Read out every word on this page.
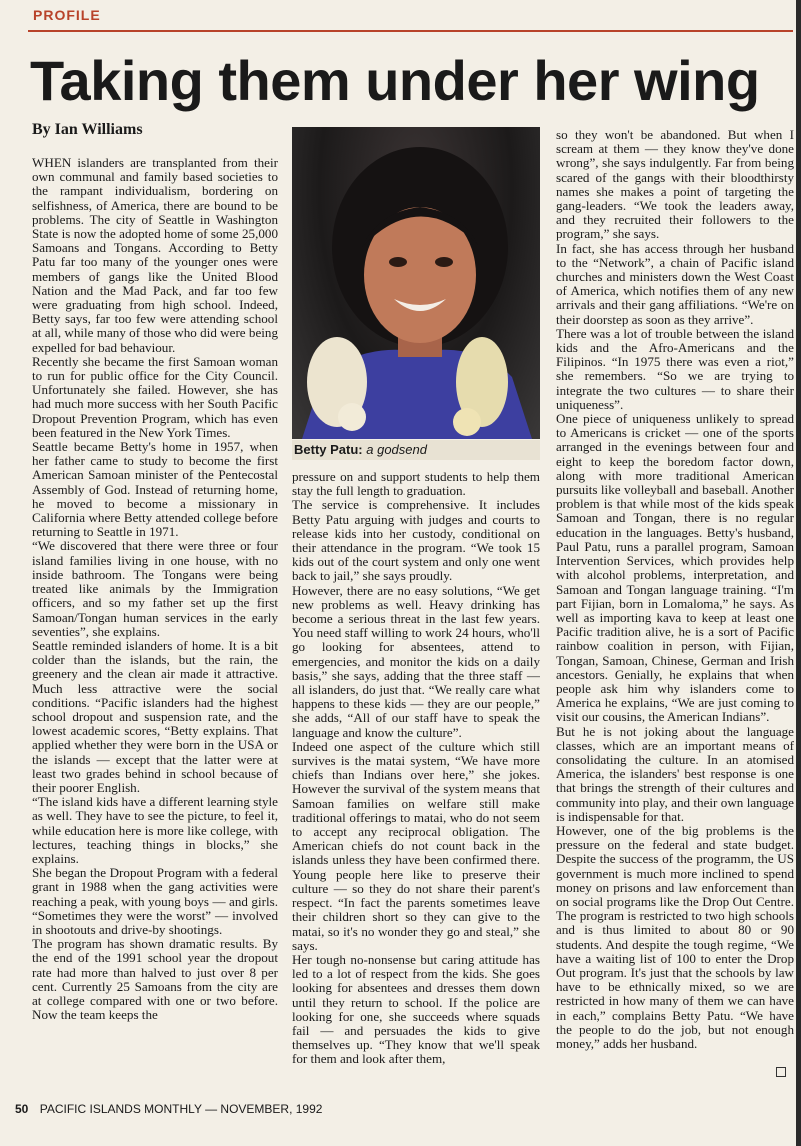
PROFILE
Taking them under her wing
By Ian Williams

WHEN islanders are transplanted from their own communal and family based societies to the rampant individualism, bordering on selfishness, of America, there are bound to be problems. The city of Seattle in Washington State is now the adopted home of some 25,000 Samoans and Tongans. According to Betty Patu far too many of the younger ones were members of gangs like the United Blood Nation and the Mad Pack, and far too few were graduating from high school. Indeed, Betty says, far too few were attending school at all, while many of those who did were being expelled for bad behaviour.

Recently she became the first Samoan woman to run for public office for the City Council. Unfortunately she failed. However, she has had much more success with her South Pacific Dropout Prevention Program, which has even been featured in the New York Times.

Seattle became Betty's home in 1957, when her father came to study to become the first American Samoan minister of the Pentecostal Assembly of God. Instead of returning home, he moved to become a missionary in California where Betty attended college before returning to Seattle in 1971.

“We discovered that there were three or four island families living in one house, with no inside bathroom. The Tongans were being treated like animals by the Immigration officers, and so my father set up the first Samoan/Tongan human services in the early seventies”, she explains.

Seattle reminded islanders of home. It is a bit colder than the islands, but the rain, the greenery and the clean air made it attractive. Much less attractive were the social conditions. “Pacific islanders had the highest school dropout and suspension rate, and the lowest academic scores, “Betty explains. That applied whether they were born in the USA or the islands — except that the latter were at least two grades behind in school because of their poorer English.

“The island kids have a different learning style as well. They have to see the picture, to feel it, while education here is more like college, with lectures, teaching things in blocks,” she explains.

She began the Dropout Program with a federal grant in 1988 when the gang activities were reaching a peak, with young boys — and girls. “Sometimes they were the worst” — involved in shootouts and drive-by shootings.

The program has shown dramatic results. By the end of the 1991 school year the dropout rate had more than halved to just over 8 per cent. Currently 25 Samoans from the city are at college compared with one or two before. Now the team keeps the

Betty Patu: a godsend

pressure on and support students to help them stay the full length to graduation.

The service is comprehensive. It includes Betty Patu arguing with judges and courts to release kids into her custody, conditional on their attendance in the program. “We took 15 kids out of the court system and only one went back to jail,” she says proudly.

However, there are no easy solutions, “We get new problems as well. Heavy drinking has become a serious threat in the last few years. You need staff willing to work 24 hours, who'll go looking for absentees, attend to emergencies, and monitor the kids on a daily basis,” she says, adding that the three staff — all islanders, do just that. “We really care what happens to these kids — they are our people,” she adds, “All of our staff have to speak the language and know the culture”.

Indeed one aspect of the culture which still survives is the matai system, “We have more chiefs than Indians over here,” she jokes. However the survival of the system means that Samoan families on welfare still make traditional offerings to matai, who do not seem to accept any reciprocal obligation. The American chiefs do not count back in the islands unless they have been confirmed there. Young people here like to preserve their culture — so they do not share their parent's respect. “In fact the parents sometimes leave their children short so they can give to the matai, so it's no wonder they go and steal,” she says.

Her tough no-nonsense but caring attitude has led to a lot of respect from the kids. She goes looking for absentees and dresses them down until they return to school. If the police are looking for one, she succeeds where squads fail — and persuades the kids to give themselves up. “They know that we'll speak for them and look after them,

so they won't be abandoned. But when I scream at them — they know they've done wrong”, she says indulgently. Far from being scared of the gangs with their bloodthirsty names she makes a point of targeting the gang-leaders. “We took the leaders away, and they recruited their followers to the program,” she says.

In fact, she has access through her husband to the “Network”, a chain of Pacific island churches and ministers down the West Coast of America, which notifies them of any new arrivals and their gang affiliations. “We're on their doorstep as soon as they arrive”.

There was a lot of trouble between the island kids and the Afro-Americans and the Filipinos. “In 1975 there was even a riot,” she remembers. “So we are trying to integrate the two cultures — to share their uniqueness”.

One piece of uniqueness unlikely to spread to Americans is cricket — one of the sports arranged in the evenings between four and eight to keep the boredom factor down, along with more traditional American pursuits like volleyball and baseball. Another problem is that while most of the kids speak Samoan and Tongan, there is no regular education in the languages. Betty's husband, Paul Patu, runs a parallel program, Samoan Intervention Services, which provides help with alcohol problems, interpretation, and Samoan and Tongan language training. “I'm part Fijian, born in Lomaloma,” he says. As well as importing kava to keep at least one Pacific tradition alive, he is a sort of Pacific rainbow coalition in person, with Fijian, Tongan, Samoan, Chinese, German and Irish ancestors. Genially, he explains that when people ask him why islanders come to America he explains, “We are just coming to visit our cousins, the American Indians”.

But he is not joking about the language classes, which are an important means of consolidating the culture. In an atomised America, the islanders' best response is one that brings the strength of their cultures and community into play, and their own language is indispensable for that.

However, one of the big problems is the pressure on the federal and state budget. Despite the success of the programm, the US government is much more inclined to spend money on prisons and law enforcement than on social programs like the Drop Out Centre. The program is restricted to two high schools and is thus limited to about 80 or 90 students. And despite the tough regime, “We have a waiting list of 100 to enter the Drop Out program. It's just that the schools by law have to be ethnically mixed, so we are restricted in how many of them we can have in each,” complains Betty Patu. “We have the people to do the job, but not enough money,” adds her husband.

50 PACIFIC ISLANDS MONTHLY — NOVEMBER, 1992
